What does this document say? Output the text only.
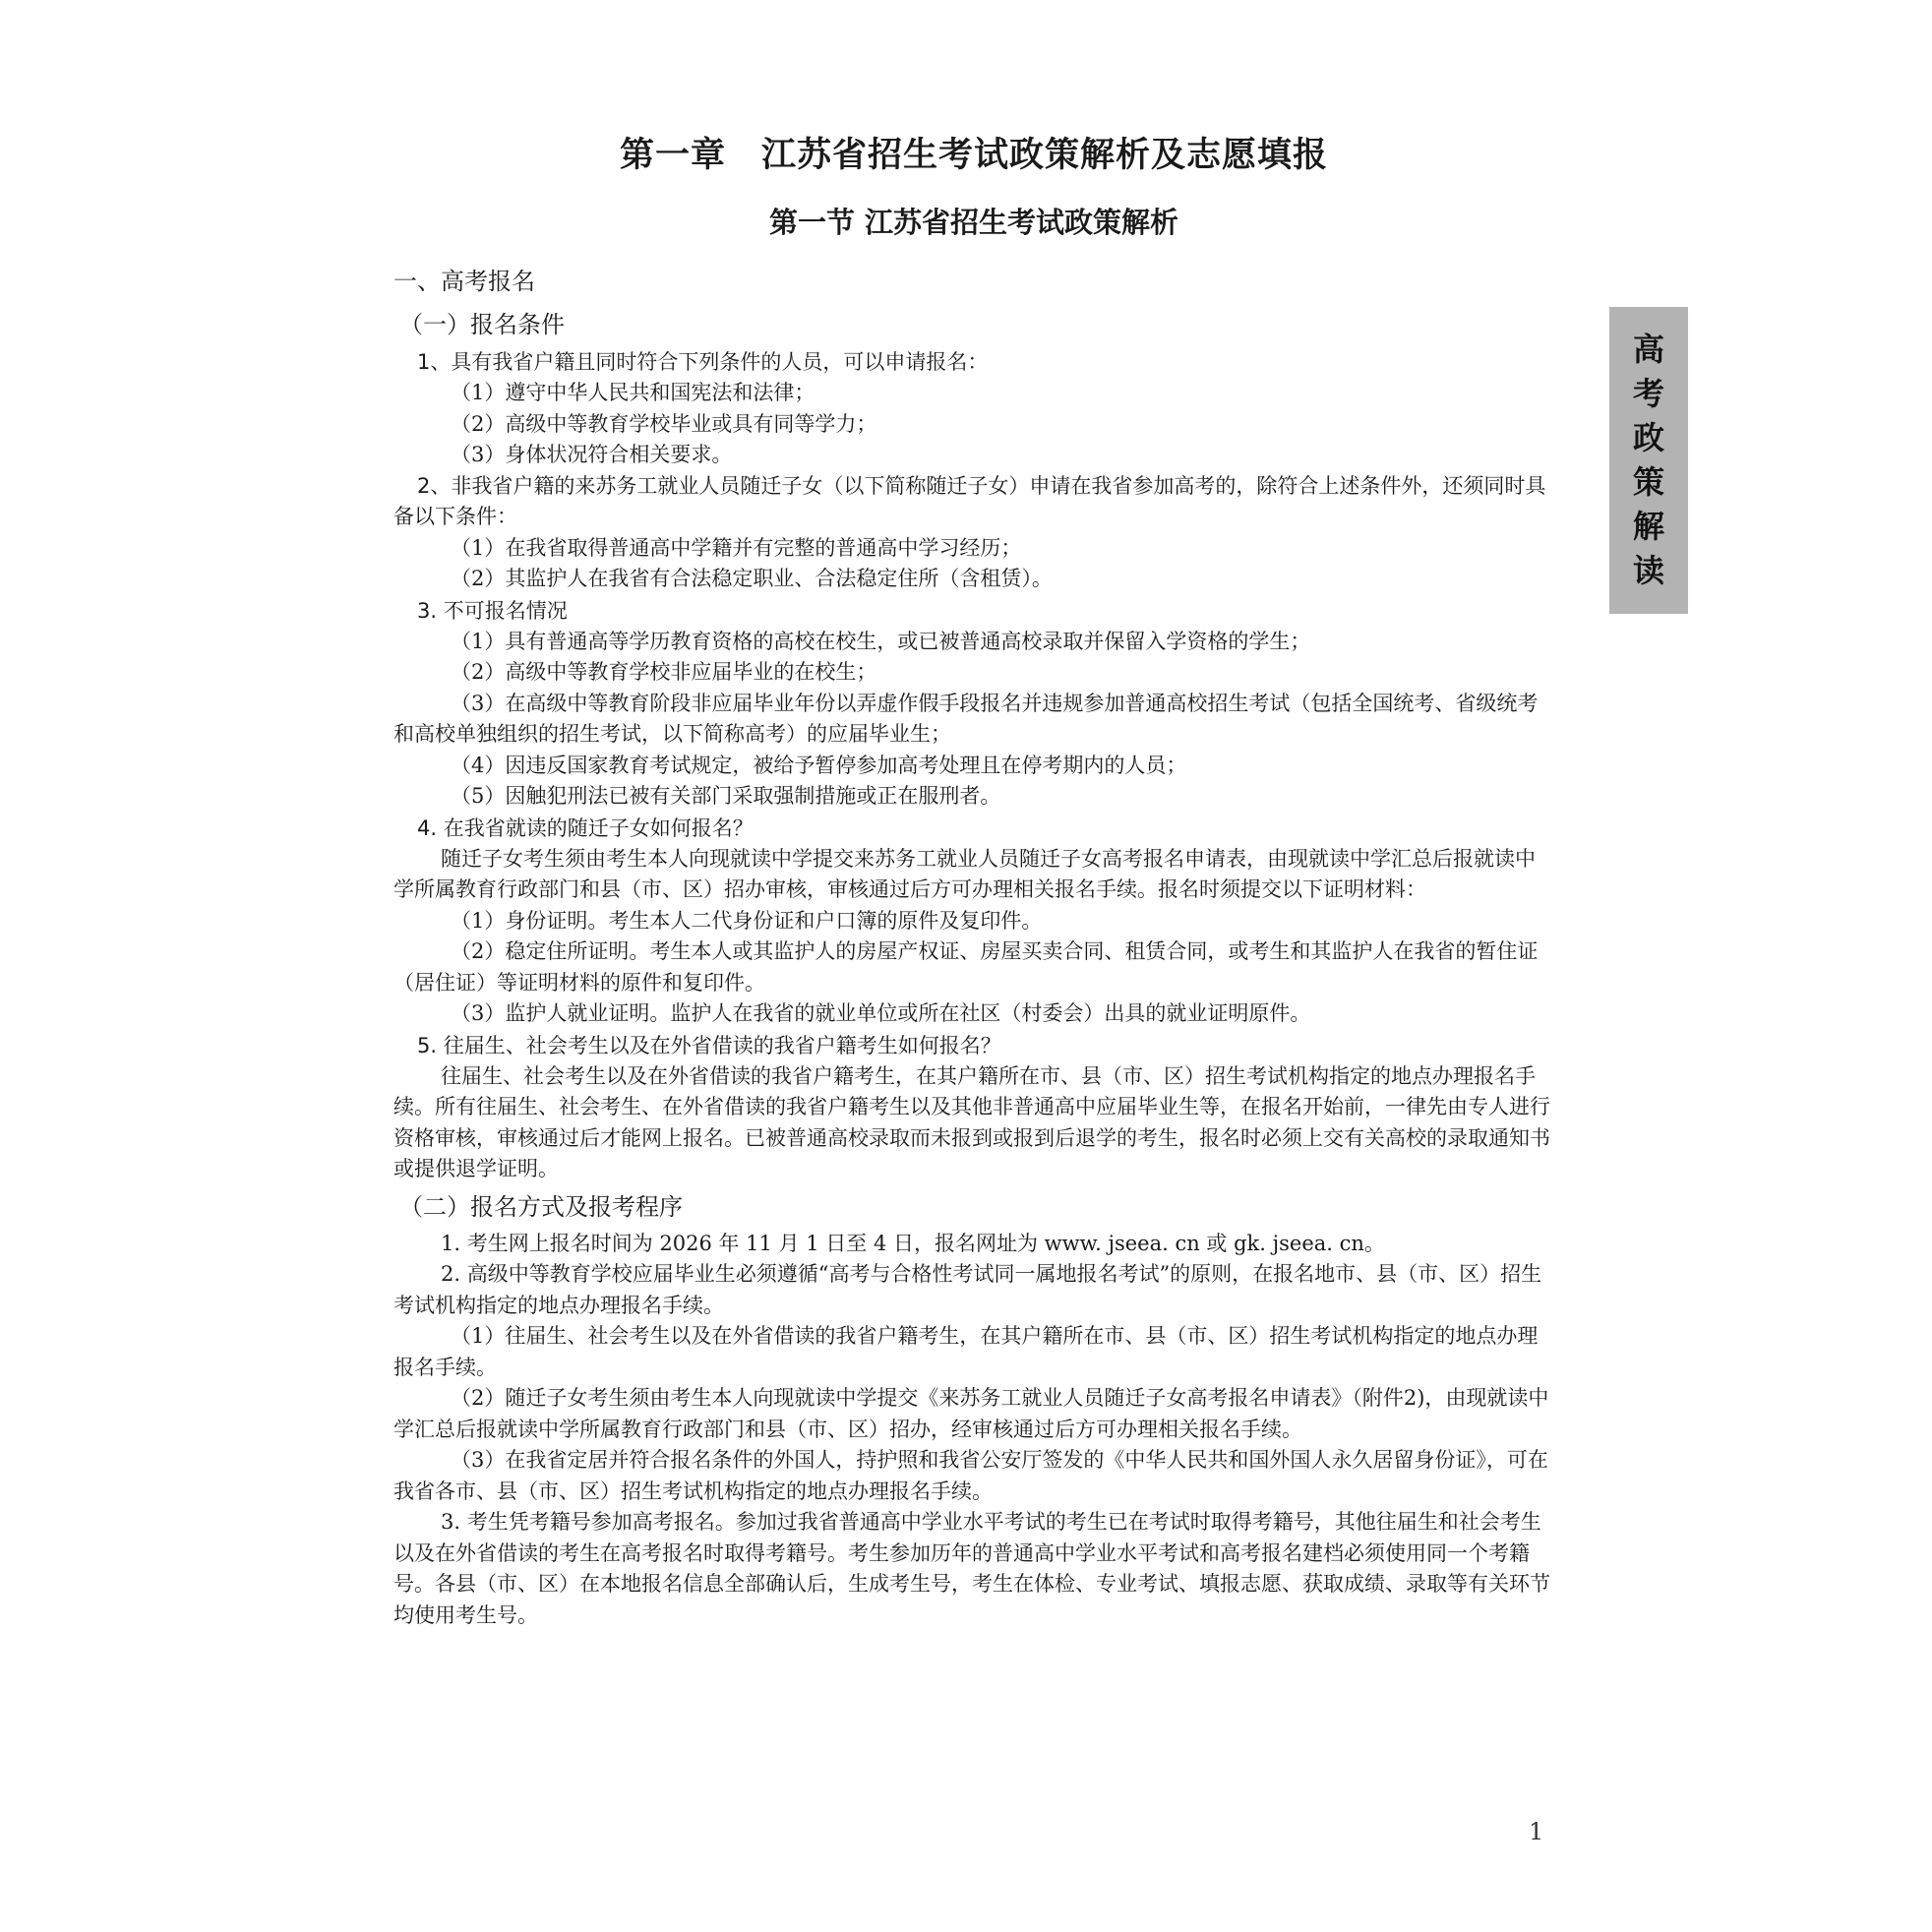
第一章　江苏省招生考试政策解析及志愿填报
第一节 江苏省招生考试政策解析
一、高考报名
（一）报名条件
1、具有我省户籍且同时符合下列条件的人员，可以申请报名：
（1）遵守中华人民共和国宪法和法律；
（2）高级中等教育学校毕业或具有同等学力；
（3）身体状况符合相关要求。
2、非我省户籍的来苏务工就业人员随迁子女（以下简称随迁子女）申请在我省参加高考的，除符合上述条件外，还须同时具备以下条件：
（1）在我省取得普通高中学籍并有完整的普通高中学习经历；
（2）其监护人在我省有合法稳定职业、合法稳定住所（含租赁）。
3. 不可报名情况
（1）具有普通高等学历教育资格的高校在校生，或已被普通高校录取并保留入学资格的学生；
（2）高级中等教育学校非应届毕业的在校生；
（3）在高级中等教育阶段非应届毕业年份以弄虚作假手段报名并违规参加普通高校招生考试（包括全国统考、省级统考和高校单独组织的招生考试，以下简称高考）的应届毕业生；
（4）因违反国家教育考试规定，被给予暂停参加高考处理且在停考期内的人员；
（5）因触犯刑法已被有关部门采取强制措施或正在服刑者。
4. 在我省就读的随迁子女如何报名？
随迁子女考生须由考生本人向现就读中学提交来苏务工就业人员随迁子女高考报名申请表，由现就读中学汇总后报就读中学所属教育行政部门和县（市、区）招办审核，审核通过后方可办理相关报名手续。报名时须提交以下证明材料：
（1）身份证明。考生本人二代身份证和户口簿的原件及复印件。
（2）稳定住所证明。考生本人或其监护人的房屋产权证、房屋买卖合同、租赁合同，或考生和其监护人在我省的暂住证（居住证）等证明材料的原件和复印件。
（3）监护人就业证明。监护人在我省的就业单位或所在社区（村委会）出具的就业证明原件。
5. 往届生、社会考生以及在外省借读的我省户籍考生如何报名？
往届生、社会考生以及在外省借读的我省户籍考生，在其户籍所在市、县（市、区）招生考试机构指定的地点办理报名手续。所有往届生、社会考生、在外省借读的我省户籍考生以及其他非普通高中应届毕业生等，在报名开始前，一律先由专人进行资格审核，审核通过后才能网上报名。已被普通高校录取而未报到或报到后退学的考生，报名时必须上交有关高校的录取通知书或提供退学证明。
（二）报名方式及报考程序
1. 考生网上报名时间为 2026 年 11 月 1 日至 4 日，报名网址为 www. jseea. cn 或 gk. jseea. cn。
2. 高级中等教育学校应届毕业生必须遵循“高考与合格性考试同一属地报名考试”的原则，在报名地市、县（市、区）招生考试机构指定的地点办理报名手续。
（1）往届生、社会考生以及在外省借读的我省户籍考生，在其户籍所在市、县（市、区）招生考试机构指定的地点办理报名手续。
（2）随迁子女考生须由考生本人向现就读中学提交《来苏务工就业人员随迁子女高考报名申请表》（附件2)，由现就读中学汇总后报就读中学所属教育行政部门和县（市、区）招办，经审核通过后方可办理相关报名手续。
（3）在我省定居并符合报名条件的外国人，持护照和我省公安厅签发的《中华人民共和国外国人永久居留身份证》，可在我省各市、县（市、区）招生考试机构指定的地点办理报名手续。
3. 考生凭考籍号参加高考报名。参加过我省普通高中学业水平考试的考生已在考试时取得考籍号，其他往届生和社会考生以及在外省借读的考生在高考报名时取得考籍号。考生参加历年的普通高中学业水平考试和高考报名建档必须使用同一个考籍号。各县（市、区）在本地报名信息全部确认后，生成考生号，考生在体检、专业考试、填报志愿、获取成绩、录取等有关环节均使用考生号。
高
考
政
策
解
读
1
